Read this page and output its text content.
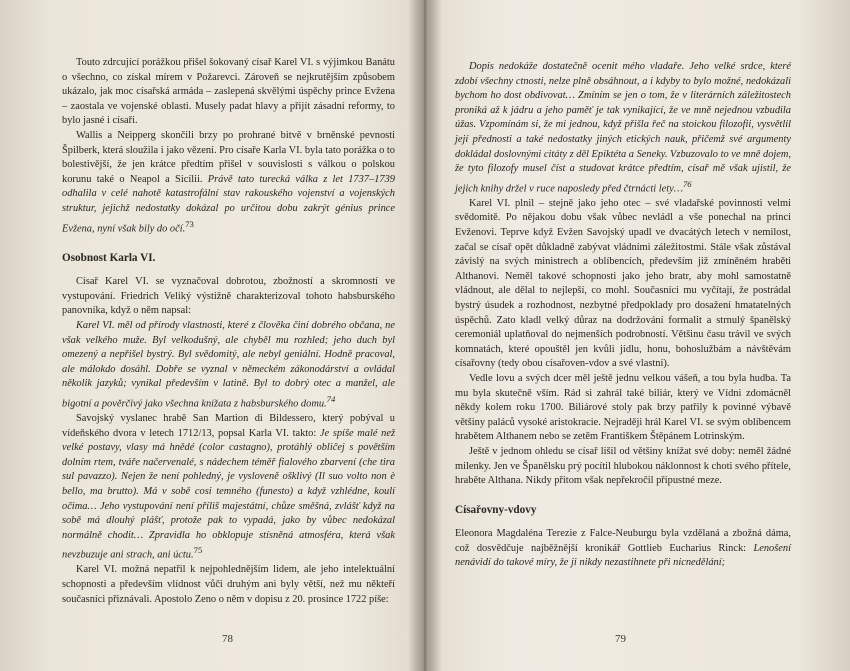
Touto zdrcující porážkou přišel šokovaný císař Karel VI. s výjimkou Banátu o všechno, co získal mírem v Požarevci. Zároveň se nejkrutějším způsobem ukázalo, jak moc císařská armáda – zaslepená skvělými úspěchy prince Evžena – zaostala ve vojenské oblasti. Musely padat hlavy a přijít zásadní reformy, to bylo jasné i císaři.

Wallis a Neipperg skončili brzy po prohrané bitvě v brněnské pevnosti Špilberk, která sloužila i jako vězení. Pro císaře Karla VI. byla tato porážka o to bolestivější, že jen krátce předtím přišel v souvislosti s válkou o polskou korunu také o Neapol a Sicílii. Právě tato turecká válka z let 1737–1739 odhalila v celé nahotě katastrofální stav rakouského vojenství a vojenských struktur, jejichž nedostatky dokázal po určitou dobu zakrýt génius prince Evžena, nyní však bily do očí.$^{73}$

Osobnost Karla VI.

Císař Karel VI. se vyznačoval dobrotou, zbožností a skromností ve vystupování. Friedrich Veliký výstižně charakterizoval tohoto habsburského panovníka, když o něm napsal:

Karel VI. měl od přírody vlastnosti, které z člověka činí dobrého občana, ne však velkého muže. Byl velkodušný, ale chyběl mu rozhled; jeho duch byl omezený a nepřišel bystrý. Byl svědomitý, ale nebyl geniální. Hodně pracoval, ale málokdo dosáhl. Dobře se vyznal v německém zákonodárství a ovládal několik jazyků; vynikal především v latině. Byl to dobrý otec a manžel, ale bigotní a pověrčivý jako všechna knížata z habsburského domu.$^{74}$

Savojský vyslanec hrabě San Martion di Bildessero, který pobýval u vídeňského dvora v letech 1712/13, popsal Karla VI. takto: Je spíše malé než velké postavy, vlasy má hnědé (color castagno), protáhlý obličej s povětším dolním rtem, tváře načervenalé, s nádechem téměř fialového zbarvení (che tira sul pavazzo). Nejen že není pohledný, je vysloveně ošklivý (Il suo volto non è bello, ma brutto). Má v sobě cosi temného (funesto) a když vzhlédne, koulí očima… Jeho vystupování není příliš majestátní, chůze směšná, zvlášť když na sobě má dlouhý plášť, protože pak to vypadá, jako by vůbec nedokázal normálně chodit… Zpravidla ho obklopuje stísněná atmosféra, která však nevzbuzuje ani strach, ani úctu.$^{75}$

Karel VI. možná nepatřil k nejpohlednějším lidem, ale jeho intelektuální schopnosti a především vlídnost vůči druhým ani byly větší, než mu někteří současníci přiznávali. Apostolo Zeno o něm v dopisu z 20. prosince 1722 píše:

78

Dopis nedokáže dostatečně ocenit mého vladaře. Jeho velké srdce, které zdobí všechny ctnosti, nelze plně obsáhnout, a i kdyby to bylo možné, nedokázali bychom ho dost obdivovat… Zmíním se jen o tom, že v literárních záležitostech proniká až k jádru a jeho paměť je tak vynikající, že ve mně nejednou vzbudila úžas. Vzpomínám si, že mi jednou, když přišla řeč na stoickou filozofii, vysvětlil její přednosti a také nedostatky jiných etických nauk, přičemž své argumenty dokládal doslovnými citáty z děl Epiktéta a Seneky. Vzbuzovalo to ve mně dojem, že tyto filozofy musel číst a studovat krátce předtím, císař mě však ujistil, že jejich knihy držel v ruce naposledy před čtrnácti lety…$^{76}$

Karel VI. plnil – stejně jako jeho otec – své vladařské povinnosti velmi svědomitě. Po nějakou dobu však vůbec nevládl a vše ponechal na princi Evženovi. Teprve když Evžen Savojský upadl ve dvacátých letech v nemilost, začal se císař opět důkladně zabývat vládními záležitostmi. Stále však zůstával závislý na svých ministrech a oblíbencích, především již zmíněném hraběti Althanovi. Neměl takové schopnosti jako jeho bratr, aby mohl samostatně vládnout, ale dělal to nejlepší, co mohl. Současníci mu vyčítají, že postrádal bystrý úsudek a rozhodnost, nezbytné předpoklady pro dosažení hmatatelných úspěchů. Zato kladl velký důraz na dodržování formalit a strnulý španělský ceremoniál uplatňoval do nejmenších podrobností. Většinu času trávil ve svých komnatách, které opouštěl jen kvůli jídlu, honu, bohoslužbám a návštěvám císařovny (tedy obou císařoven-vdov a své vlastní).

Vedle lovu a svých dcer měl ještě jednu velkou vášeň, a tou byla hudba. Ta mu byla skutečně vším. Rád si zahrál také biliár, který ve Vídni zdomácněl někdy kolem roku 1700. Biliárové stoly pak brzy patřily k povinné výbavě většiny paláců vysoké aristokracie. Nejraději hrál Karel VI. se svým oblíbencem hrabětem Althanem nebo se zetěm Františkem Štěpánem Lotrinským.

Ještě v jednom ohledu se císař lišil od většiny knížat své doby: neměl žádné milenky. Jen ve Španělsku prý pocítil hlubokou náklonnost k choti svého přítele, hraběte Althana. Nikdy přitom však nepřekročil přípustné meze.

Císařovny-vdovy

Eleonora Magdaléna Terezie z Falce-Neuburgu byla vzdělaná a zbožná dáma, což dosvědčuje najběžnější kronikář Gottlieb Eucharius Rinck: Lenošení nenávidí do takové míry, že ji nikdy nezastihnete při nicnedělání;

79
